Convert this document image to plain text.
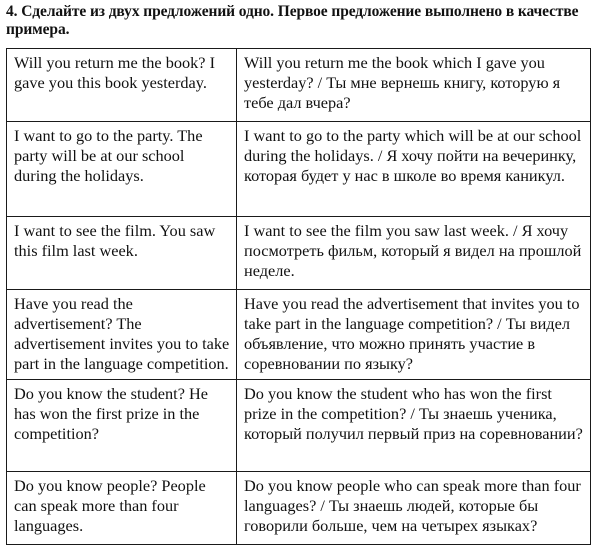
4. Сделайте из двух предложений одно. Первое предложение выполнено в качестве примера.
Will you return me the book? I gave you this book yesterday.	Will you return me the book which I gave you yesterday? / Ты мне вернешь книгу, которую я тебе дал вчера?
I want to go to the party. The party will be at our school during the holidays.	I want to go to the party which will be at our school during the holidays. / Я хочу пойти на вечеринку, которая будет у нас в школе во время каникул.
I want to see the film. You saw this film last week.	I want to see the film you saw last week. / Я хочу посмотреть фильм, который я видел на прошлой неделе.
Have you read the advertisement? The advertisement invites you to take part in the language competition.	Have you read the advertisement that invites you to take part in the language competition? / Ты видел объявление, что можно принять участие в соревновании по языку?
Do you know the student? He has won the first prize in the competition?	Do you know the student who has won the first prize in the competition? / Ты знаешь ученика, который получил первый приз на соревновании?
Do you know people? People can speak more than four languages.	Do you know people who can speak more than four languages? / Ты знаешь людей, которые бы говорили больше, чем на четырех языках?
